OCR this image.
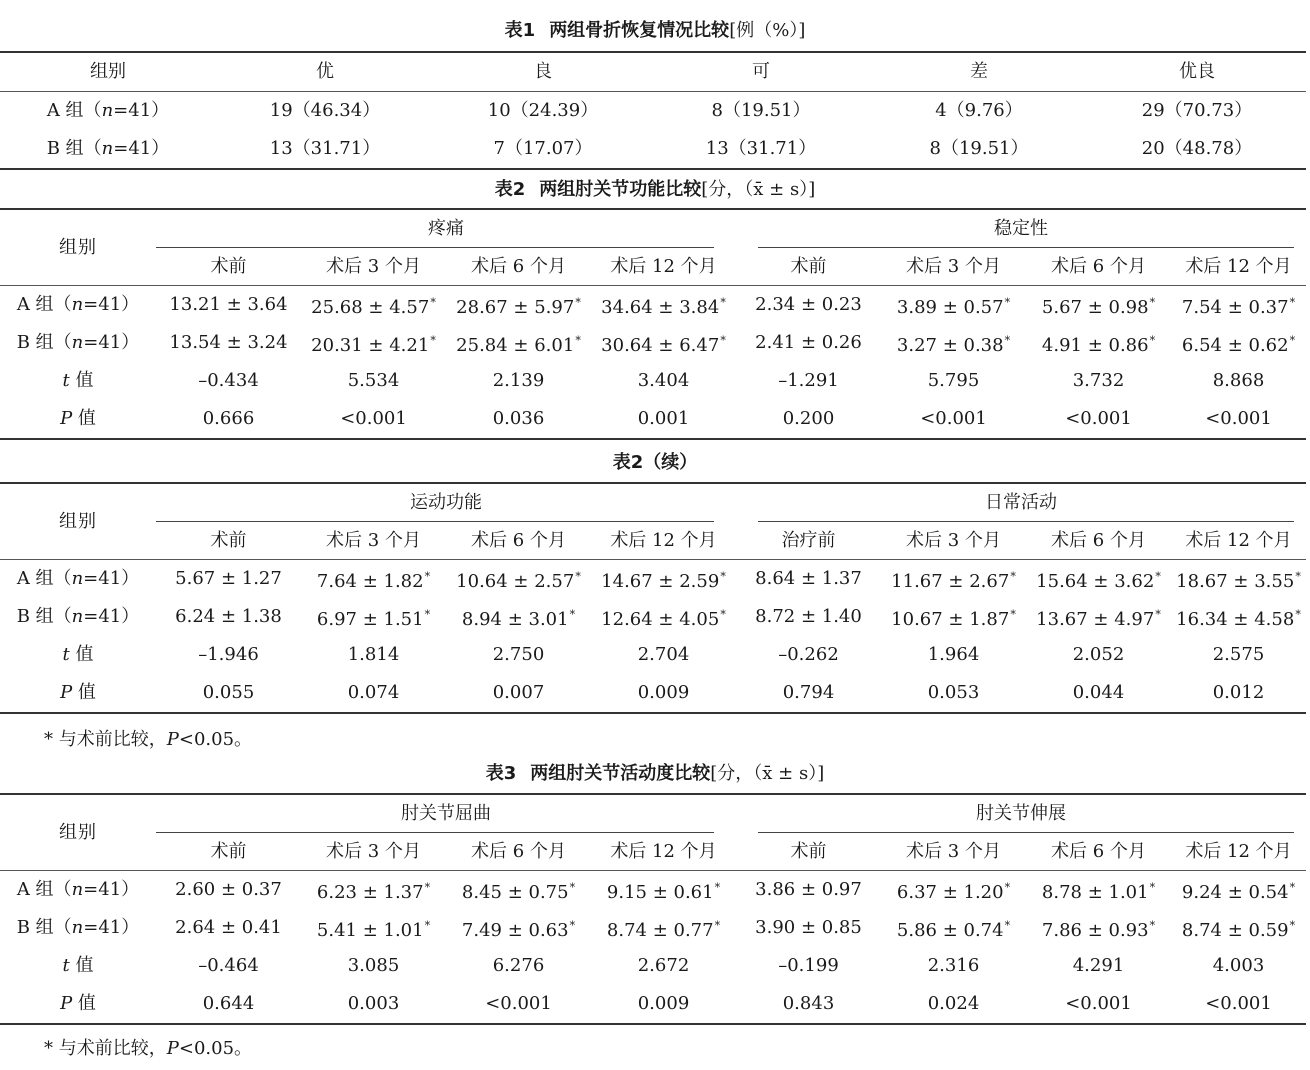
表1 两组骨折恢复情况比较[例（%）]
组别	优	良	可	差	优良
A 组（n=41）	19（46.34）	10（24.39）	8（19.51）	4（9.76）	29（70.73）
B 组（n=41）	13（31.71）	7（17.07）	13（31.71）	8（19.51）	20（48.78）
表2 两组肘关节功能比较[分，（x̄ ± s）]
组别	疼痛				稳定性			
	术前	术后 3 个月	术后 6 个月	术后 12 个月	术前	术后 3 个月	术后 6 个月	术后 12 个月
A 组（n=41）	13.21 ± 3.64	25.68 ± 4.57*	28.67 ± 5.97*	34.64 ± 3.84*	2.34 ± 0.23	3.89 ± 0.57*	5.67 ± 0.98*	7.54 ± 0.37*
B 组（n=41）	13.54 ± 3.24	20.31 ± 4.21*	25.84 ± 6.01*	30.64 ± 6.47*	2.41 ± 0.26	3.27 ± 0.38*	4.91 ± 0.86*	6.54 ± 0.62*
t 值	–0.434	5.534	2.139	3.404	–1.291	5.795	3.732	8.868
P 值	0.666	<0.001	0.036	0.001	0.200	<0.001	<0.001	<0.001
表2（续）
组别	运动功能				日常活动			
	术前	术后 3 个月	术后 6 个月	术后 12 个月	治疗前	术后 3 个月	术后 6 个月	术后 12 个月
A 组（n=41）	5.67 ± 1.27	7.64 ± 1.82*	10.64 ± 2.57*	14.67 ± 2.59*	8.64 ± 1.37	11.67 ± 2.67*	15.64 ± 3.62*	18.67 ± 3.55*
B 组（n=41）	6.24 ± 1.38	6.97 ± 1.51*	8.94 ± 3.01*	12.64 ± 4.05*	8.72 ± 1.40	10.67 ± 1.87*	13.67 ± 4.97*	16.34 ± 4.58*
t 值	–1.946	1.814	2.750	2.704	–0.262	1.964	2.052	2.575
P 值	0.055	0.074	0.007	0.009	0.794	0.053	0.044	0.012
* 与术前比较，P<0.05。
表3 两组肘关节活动度比较[分，（x̄ ± s）]
组别	肘关节屈曲				肘关节伸展			
	术前	术后 3 个月	术后 6 个月	术后 12 个月	术前	术后 3 个月	术后 6 个月	术后 12 个月
A 组（n=41）	2.60 ± 0.37	6.23 ± 1.37*	8.45 ± 0.75*	9.15 ± 0.61*	3.86 ± 0.97	6.37 ± 1.20*	8.78 ± 1.01*	9.24 ± 0.54*
B 组（n=41）	2.64 ± 0.41	5.41 ± 1.01*	7.49 ± 0.63*	8.74 ± 0.77*	3.90 ± 0.85	5.86 ± 0.74*	7.86 ± 0.93*	8.74 ± 0.59*
t 值	–0.464	3.085	6.276	2.672	–0.199	2.316	4.291	4.003
P 值	0.644	0.003	<0.001	0.009	0.843	0.024	<0.001	<0.001
* 与术前比较，P<0.05。
